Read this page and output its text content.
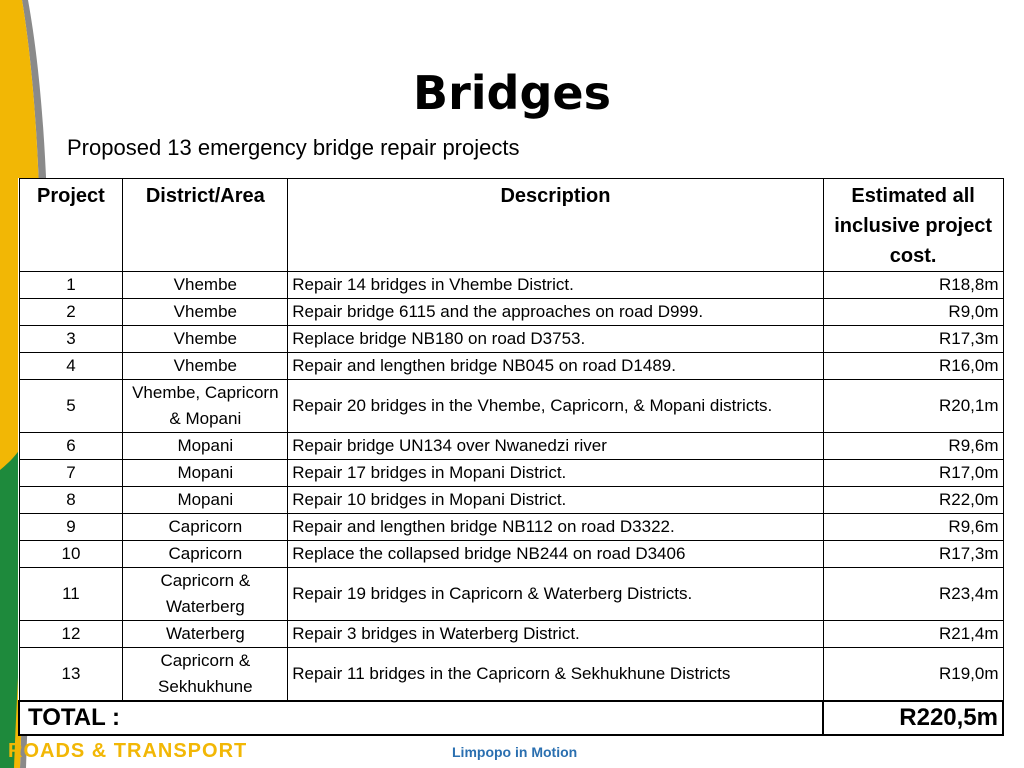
ROADS & TRANSPORT	Limpopo in Motion
Bridges
Proposed 13 emergency bridge repair projects
Project	District/Area	Description	Estimated all inclusive project cost.
1	Vhembe	Repair 14 bridges in Vhembe District.	R18,8m
2	Vhembe	Repair bridge 6115 and the approaches on road D999.	R9,0m
3	Vhembe	Replace bridge NB180 on road D3753.	R17,3m
4	Vhembe	Repair and lengthen bridge NB045 on road D1489.	R16,0m
5	Vhembe, Capricorn & Mopani	Repair 20 bridges in the Vhembe, Capricorn, & Mopani districts.	R20,1m
6	Mopani	Repair bridge UN134 over Nwanedzi river	R9,6m
7	Mopani	Repair 17 bridges in Mopani District.	R17,0m
8	Mopani	Repair 10 bridges in Mopani District.	R22,0m
9	Capricorn	Repair and lengthen bridge NB112 on road D3322.	R9,6m
10	Capricorn	Replace the collapsed bridge NB244 on road D3406	R17,3m
11	Capricorn & Waterberg	Repair 19 bridges in Capricorn & Waterberg Districts.	R23,4m
12	Waterberg	Repair 3 bridges in Waterberg District.	R21,4m
13	Capricorn & Sekhukhune	Repair 11 bridges in the Capricorn & Sekhukhune Districts	R19,0m
TOTAL :			R220,5m
